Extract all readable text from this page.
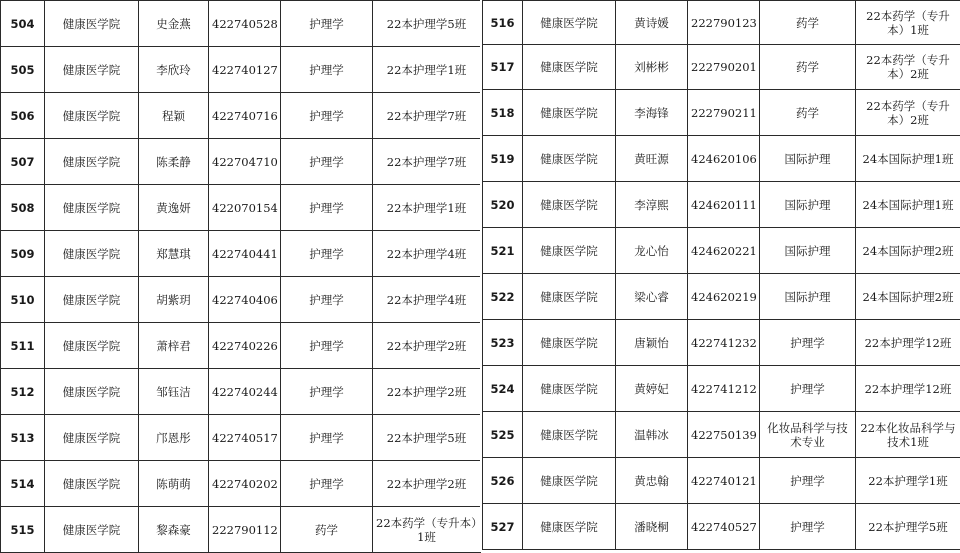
504	健康医学院	史金燕	422740528	护理学	22本护理学5班
505	健康医学院	李欣玲	422740127	护理学	22本护理学1班
506	健康医学院	程颖	422740716	护理学	22本护理学7班
507	健康医学院	陈柔静	422704710	护理学	22本护理学7班
508	健康医学院	黄逸妍	422070154	护理学	22本护理学1班
509	健康医学院	郑慧琪	422740441	护理学	22本护理学4班
510	健康医学院	胡紫玥	422740406	护理学	22本护理学4班
511	健康医学院	萧梓君	422740226	护理学	22本护理学2班
512	健康医学院	邹钰洁	422740244	护理学	22本护理学2班
513	健康医学院	邝恩彤	422740517	护理学	22本护理学5班
514	健康医学院	陈萌萌	422740202	护理学	22本护理学2班
515	健康医学院	黎森豪	222790112	药学	22本药学（专升本）1班
516	健康医学院	黄诗媛	222790123	药学	22本药学（专升本）1班
517	健康医学院	刘彬彬	222790201	药学	22本药学（专升本）2班
518	健康医学院	李海锋	222790211	药学	22本药学（专升本）2班
519	健康医学院	黄旺源	424620106	国际护理	24本国际护理1班
520	健康医学院	李淳熙	424620111	国际护理	24本国际护理1班
521	健康医学院	龙心怡	424620221	国际护理	24本国际护理2班
522	健康医学院	梁心睿	424620219	国际护理	24本国际护理2班
523	健康医学院	唐颖怡	422741232	护理学	22本护理学12班
524	健康医学院	黄婷妃	422741212	护理学	22本护理学12班
525	健康医学院	温韩冰	422750139	化妆品科学与技术专业	22本化妆品科学与技术1班
526	健康医学院	黄忠翰	422740121	护理学	22本护理学1班
527	健康医学院	潘晓桐	422740527	护理学	22本护理学5班
